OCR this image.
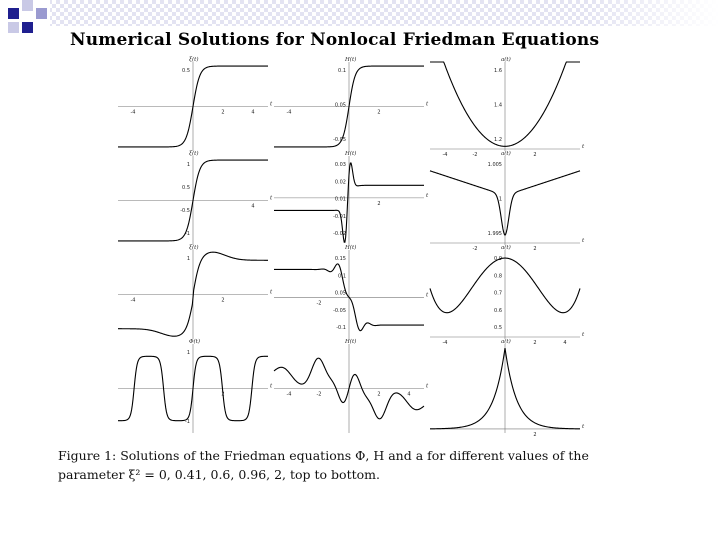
Numerical Solutions for Nonlocal Friedman Equations
ξ(t)
t
0.5
-4	2	4
H(t)
t
0.1
0.05
-0.05
-4	2
a(t)
t
1.6
1.4
1.2
-4	-2	2
ξ(t)
t
1
0.5
-0.5
-1
4
H(t)
t
0.03
0.02
0.01
-0.01
-0.02
2
a(t)
t
1.005
1
1.995
-2	2
ξ(t)
t
1
-4	2
H(t)
t
0.15
0.1
0.05
-0.05
-0.1
-2
a(t)
t
0.9
0.8
0.7
0.6
0.5
-4	2	4
Φ(t)
t
1
-1
2
H(t)
t
-4	-2	2	4
a(t)
t
2

Figure 1: Solutions of the Friedman equations Φ, H and a for different values of the

parameter ξ² = 0, 0.41, 0.6, 0.96, 2, top to bottom.
